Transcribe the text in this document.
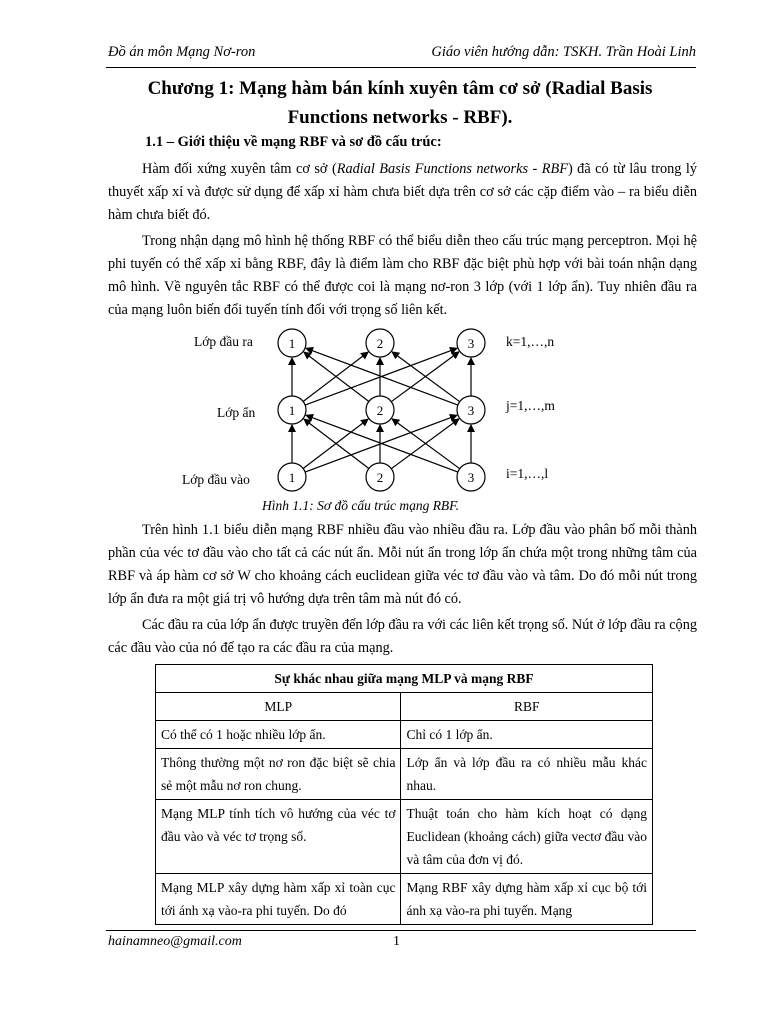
Đồ án môn Mạng Nơ-ron	Giáo viên hướng dẫn: TSKH. Trần Hoài Linh
Chương 1: Mạng hàm bán kính xuyên tâm cơ sở (Radial Basis
Functions networks - RBF).
1.1 – Giới thiệu về mạng RBF và sơ đồ cấu trúc:

Hàm đối xứng xuyên tâm cơ sở (Radial Basis Functions networks - RBF) đã có từ lâu trong lý thuyết xấp xỉ và được sử dụng để xấp xỉ hàm chưa biết dựa trên cơ sở các cặp điểm vào – ra biểu diễn hàm chưa biết đó.

Trong nhận dạng mô hình hệ thống RBF có thể biểu diễn theo cấu trúc mạng perceptron. Mọi hệ phi tuyến có thể xấp xỉ bằng RBF, đây là điểm làm cho RBF đặc biệt phù hợp với bài toán nhận dạng mô hình. Về nguyên tắc RBF có thể được coi là mạng nơ-ron 3 lớp (với 1 lớp ẩn). Tuy nhiên đầu ra của mạng luôn biến đổi tuyến tính đối với trọng số liên kết.

1	2	3
1	2	3
1	2	3
Lớp đầu ra
Lớp ẩn
Lớp đầu vào
k=1,…,n
j=1,…,m
i=1,…,l
Hình 1.1: Sơ đồ cấu trúc mạng RBF.

Trên hình 1.1 biểu diễn mạng RBF nhiều đầu vào nhiều đầu ra. Lớp đầu vào phân bố mỗi thành phần của véc tơ đầu vào cho tất cả các nút ẩn. Mỗi nút ẩn trong lớp ẩn chứa một trong những tâm của RBF và áp hàm cơ sở W cho khoảng cách euclidean giữa véc tơ đầu vào và tâm. Do đó mỗi nút trong lớp ẩn đưa ra một giá trị vô hướng dựa trên tâm mà nút đó có.

Các đầu ra của lớp ẩn được truyền đến lớp đầu ra với các liên kết trọng số. Nút ở lớp đầu ra cộng các đầu vào của nó để tạo ra các đầu ra của mạng.

Sự khác nhau giữa mạng MLP và mạng RBF	
MLP	RBF
Có thể có 1 hoặc nhiều lớp ẩn.	Chỉ có 1 lớp ẩn.
Thông thường một nơ ron đặc biệt sẽ chia sẻ một mẫu nơ ron chung.	Lớp ẩn và lớp đầu ra có nhiều mẫu khác nhau.
Mạng MLP tính tích vô hướng của véc tơ đầu vào và véc tơ trọng số.	Thuật toán cho hàm kích hoạt có dạng Euclidean (khoảng cách) giữa vectơ đầu vào và tâm của đơn vị đó.
Mạng MLP xây dựng hàm xấp xỉ toàn cục tới ánh xạ vào-ra phi tuyến. Do đó	Mạng RBF xây dựng hàm xấp xỉ cục bộ tới ánh xạ vào-ra phi tuyến. Mạng
hainamneo@gmail.com	1
